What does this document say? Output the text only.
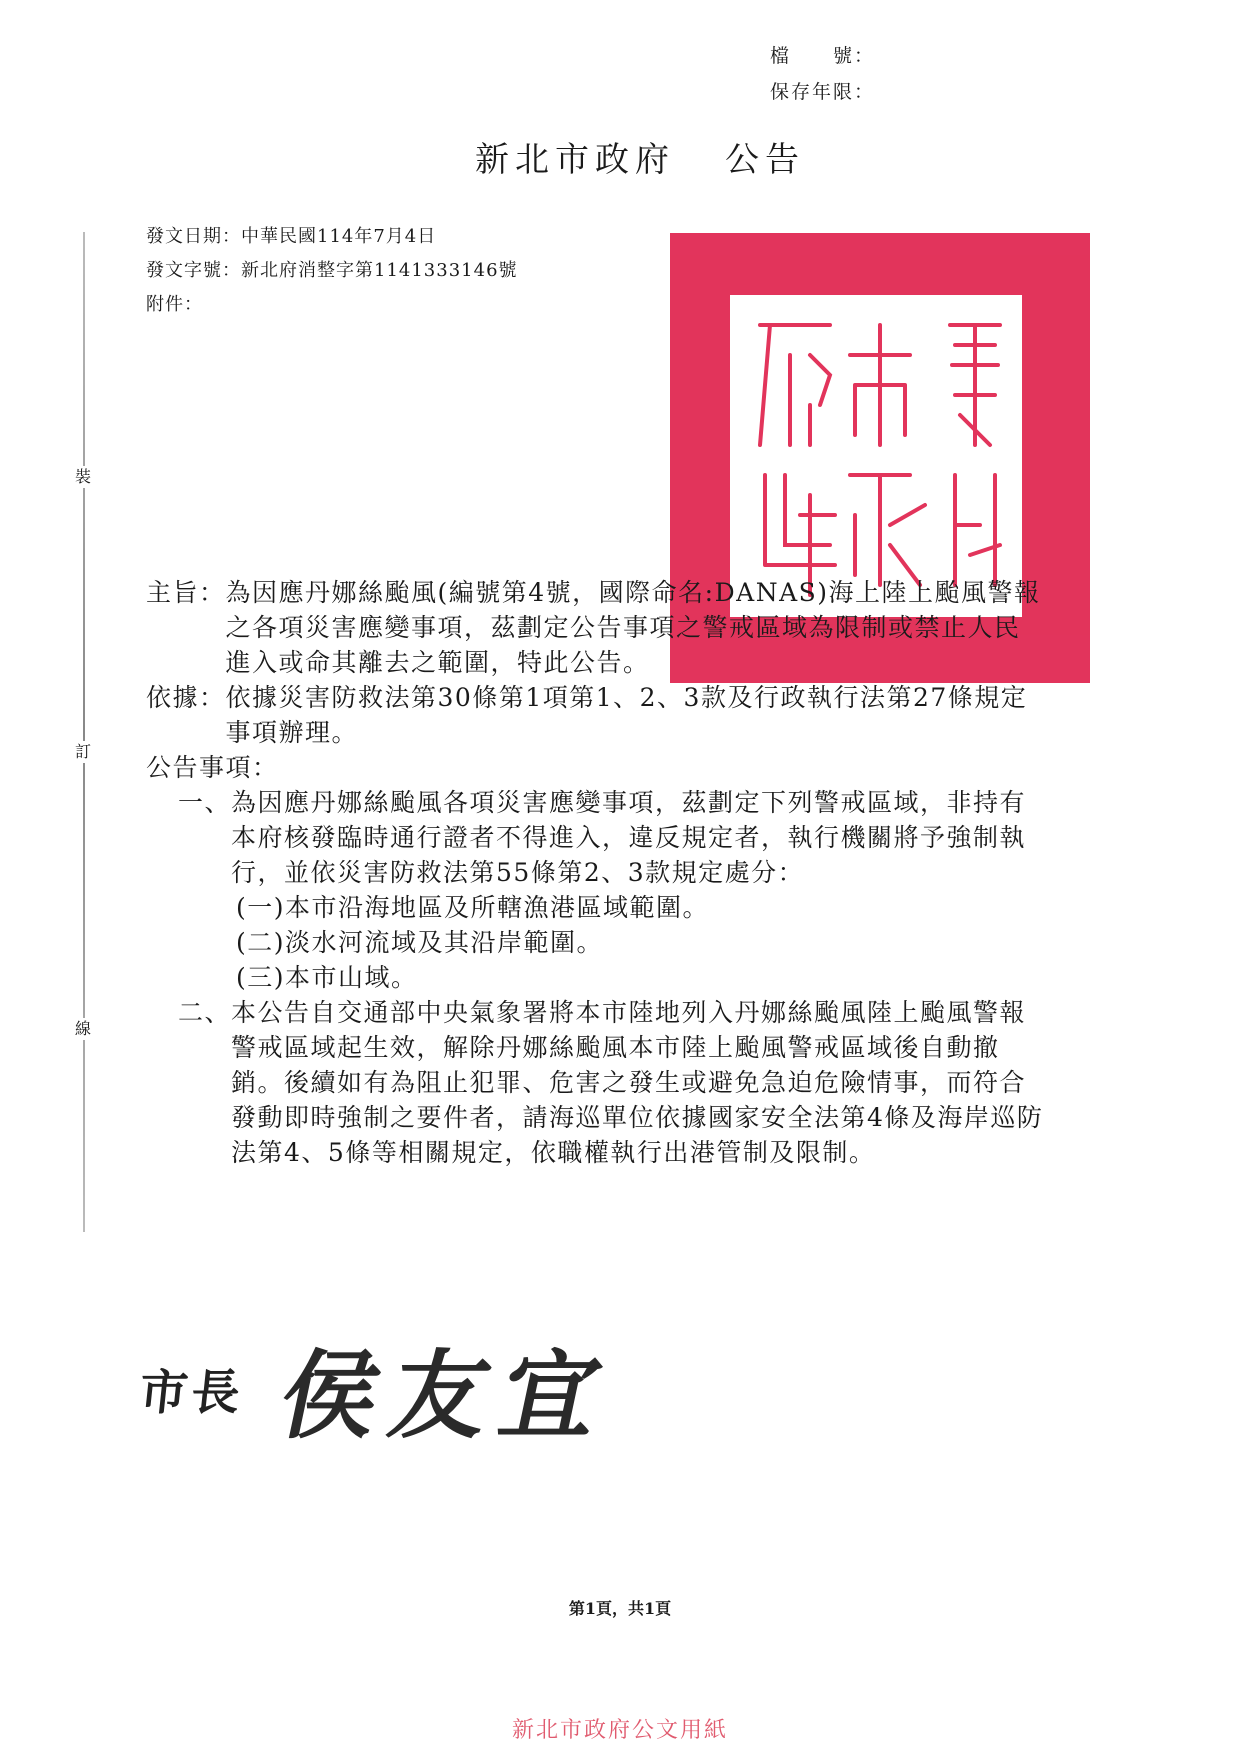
檔　　號：
保存年限：
新北市政府 公告
裝
訂
線
發文日期：中華民國114年7月4日
發文字號：新北府消整字第1141333146號
附件：
主旨： 為因應丹娜絲颱風(編號第4號，國際命名:DANAS)海上陸上颱風警報之各項災害應變事項，茲劃定公告事項之警戒區域為限制或禁止人民進入或命其離去之範圍，特此公告。
依據： 依據災害防救法第30條第1項第1、2、3款及行政執行法第27條規定事項辦理。
公告事項：
一、 為因應丹娜絲颱風各項災害應變事項，茲劃定下列警戒區域，非持有本府核發臨時通行證者不得進入，違反規定者，執行機關將予強制執行，並依災害防救法第55條第2、3款規定處分：
(一)本市沿海地區及所轄漁港區域範圍。
(二)淡水河流域及其沿岸範圍。
(三)本市山域。
二、 本公告自交通部中央氣象署將本市陸地列入丹娜絲颱風陸上颱風警報警戒區域起生效，解除丹娜絲颱風本市陸上颱風警戒區域後自動撤銷。後續如有為阻止犯罪、危害之發生或避免急迫危險情事，而符合發動即時強制之要件者，請海巡單位依據國家安全法第4條及海岸巡防法第4、5條等相關規定，依職權執行出港管制及限制。
市長 侯友宜
第1頁，共1頁
新北市政府公文用紙
